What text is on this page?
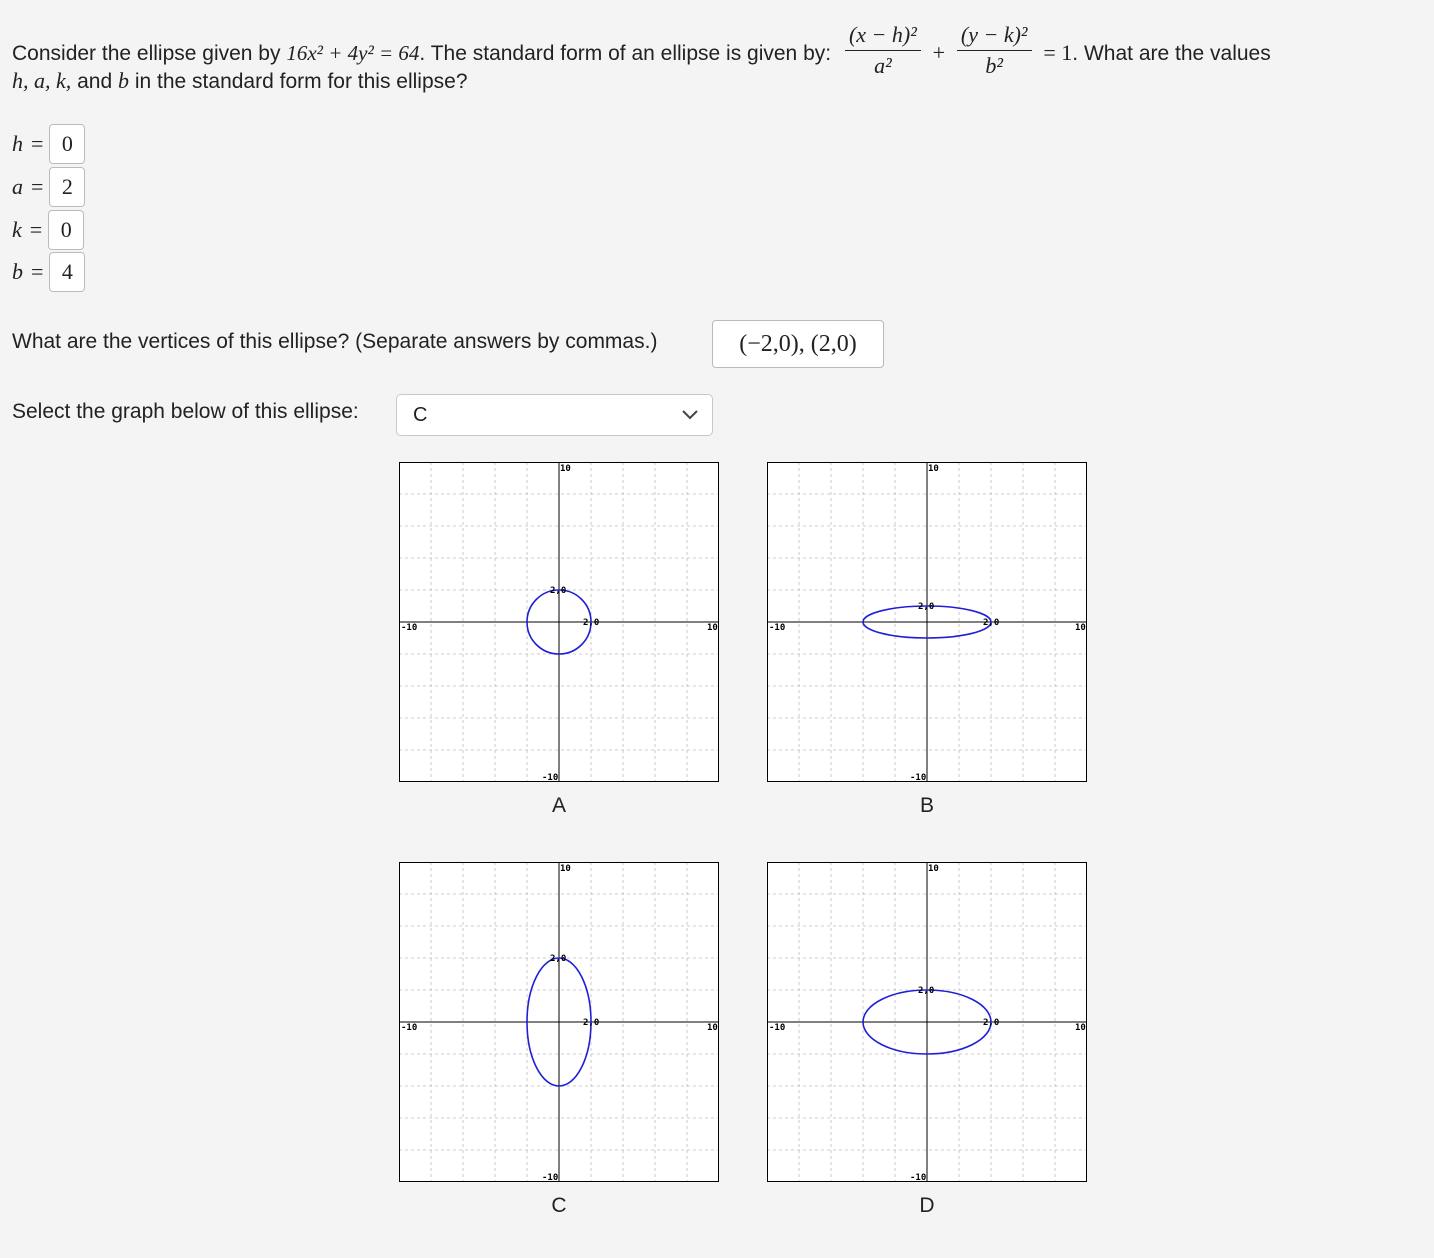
Consider the ellipse given by 16x² + 4y² = 64. The standard form of an ellipse is given by: $\frac{\text{(x − h)²}}{\text{a²}} + \frac{\text{(y − k)²}}{\text{b²}} = 1$. What are the values
h, a, k, and b in the standard form for this ellipse?
h = 0
a = 2
k = 0
b = 4
What are the vertices of this ellipse? (Separate answers by commas.)	(−2,0), (2,0)
Select the graph below of this ellipse:	C
-10	10
10
-10
2,0
2,0
A
-10	10
10
-10
2,0
2,0
B
-10	10
10
-10
2,0
2,0
C
-10	10
10
-10
2,0
2,0
D
